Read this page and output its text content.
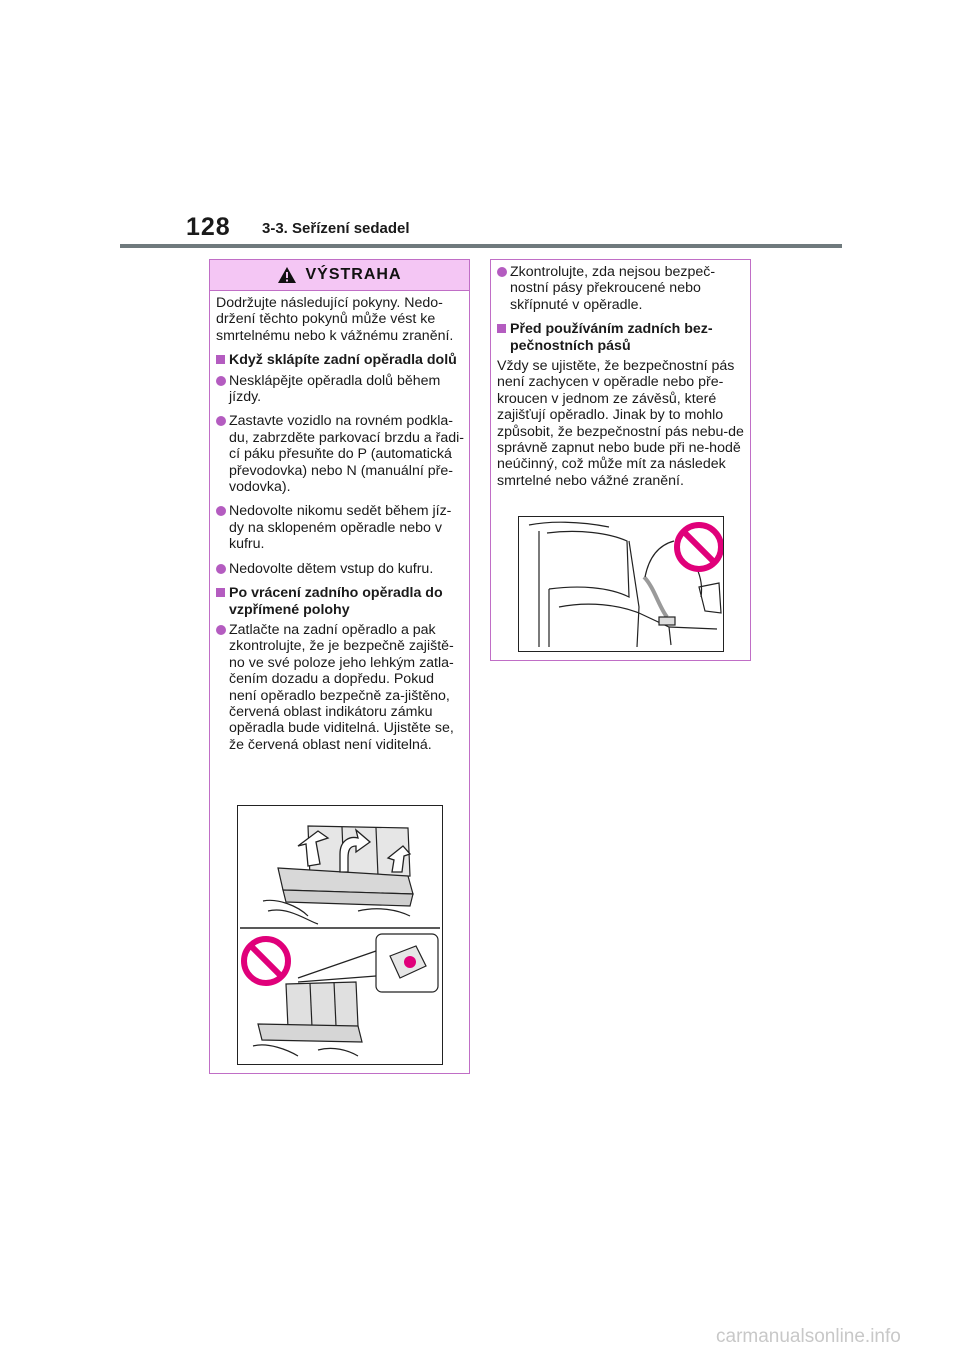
128 3-3. Seřízení sedadel
VÝSTRAHA

Dodržujte následující pokyny. Nedo-držení těchto pokynů může vést ke smrtelnému nebo k vážnému zranění.

Když sklápíte zadní opěradla dolů
Nesklápějte opěradla dolů během jízdy.
Zastavte vozidlo na rovném podkla-du, zabrzděte parkovací brzdu a řadi-cí páku přesuňte do P (automatická převodovka) nebo N (manuální pře-vodovka).
Nedovolte nikomu sedět během jíz-dy na sklopeném opěradle nebo v kufru.
Nedovolte dětem vstup do kufru.
Po vrácení zadního opěradla do vzpřímené polohy
Zatlačte na zadní opěradlo a pak zkontrolujte, že je bezpečně zajiště-no ve své poloze jeho lehkým zatla-čením dozadu a dopředu. Pokud není opěradlo bezpečně za-jištěno, červená oblast indikátoru zámku opěradla bude viditelná. Ujistěte se, že červená oblast není viditelná.
Zkontrolujte, zda nejsou bezpeč-nostní pásy překroucené nebo skřípnuté v opěradle.
Před používáním zadních bez-pečnostních pásů

Vždy se ujistěte, že bezpečnostní pás není zachycen v opěradle nebo pře-kroucen v jednom ze závěsů, které zajišťují opěradlo. Jinak by to mohlo způsobit, že bezpečnostní pás nebu-de správně zapnut nebo bude při ne-hodě neúčinný, což může mít za následek smrtelné nebo vážné zranění.

carmanualsonline.info
